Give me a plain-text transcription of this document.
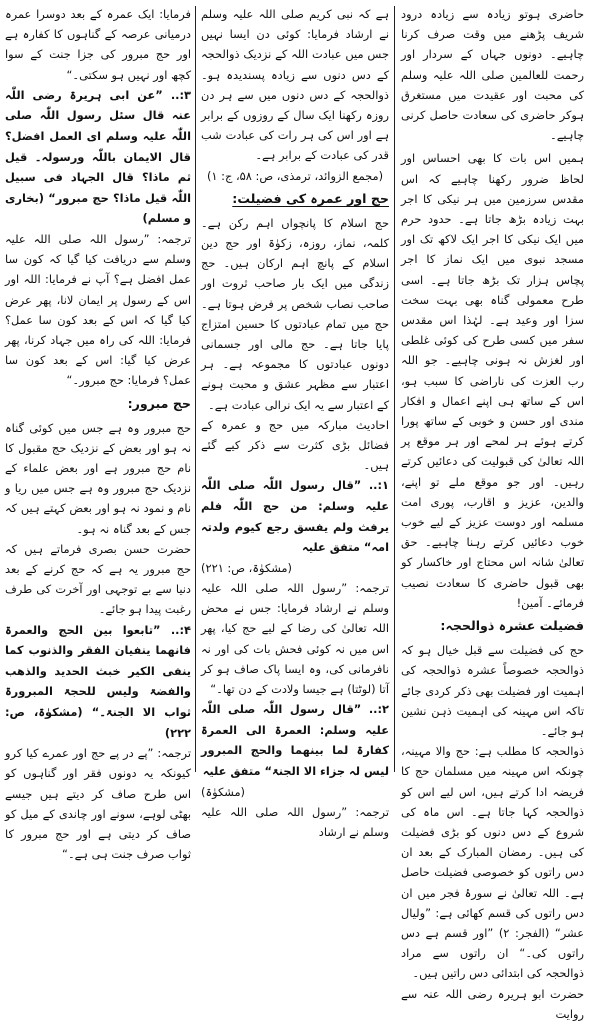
حاضری ہوتو زیادہ سے زیادہ درود شریف پڑھنے میں وقت صرف کرنا چاہیے۔ دونوں جہاں کے سردار اور رحمت للعالمین صلی اللہ علیہ وسلم کی محبت اور عقیدت میں مستغرق ہوکر حاضری کی سعادت حاصل کرنی چاہیے۔

ہمیں اس بات کا بھی احساس اور لحاظ ضرور رکھنا چاہیے کہ اس مقدس سرزمین میں ہر نیکی کا اجر بہت زیادہ بڑھ جاتا ہے۔ حدود حرم میں ایک نیکی کا اجر ایک لاکھ تک اور مسجد نبوی میں ایک نماز کا اجر پچاس ہزار تک بڑھ جاتا ہے۔ اسی طرح معمولی گناہ بھی بہت سخت سزا اور وعید ہے۔ لہٰذا اس مقدس سفر میں کسی طرح کی کوئی غلطی اور لغزش نہ ہونی چاہیے۔ جو اللہ رب العزت کی ناراضی کا سبب ہو، اس کے ساتھ ہی اپنے اعمال و افکار مندی اور حسن و خوبی کے ساتھ پورا کرتے ہوئے ہر لمحے اور ہر موقع پر اللہ تعالیٰ کی قبولیت کی دعائیں کرتے رہیں۔ اور جو موقع ملے تو اپنے، والدین، عزیز و اقارب، پوری امت مسلمہ اور دوست عزیز کے لیے خوب خوب دعائیں کرتے رہنا چاہیے۔ حق تعالیٰ شانہ اس محتاج اور خاکسار کو بھی قبول حاضری کا سعادت نصیب فرمائے۔ آمین!

فضیلت عشرہ ذوالحجہ:

حج کی فضیلت سے قبل خیال ہو کہ ذوالحجہ خصوصاً عشرہ ذوالحجہ کی اہمیت اور فضیلت بھی ذکر کردی جائے تاکہ اس مہینہ کی اہمیت ذہن نشین ہو جائے۔

ذوالحجہ کا مطلب ہے: حج والا مہینہ، چونکہ اس مہینہ میں مسلمان حج کا فریضہ ادا کرتے ہیں، اس لیے اس کو ذوالحجہ کہا جاتا ہے۔ اس ماہ کی شروع کے دس دنوں کو بڑی فضیلت کی ہیں۔ رمضان المبارک کے بعد ان دس راتوں کو خصوصی فضیلت حاصل ہے۔ اللہ تعالیٰ نے سورۂ فجر میں ان دس راتوں کی قسم کھائی ہے: ”ولیال عشر“ (الفجر: ۲) ”اور قسم ہے دس راتوں کی۔“ ان راتوں سے مراد ذوالحجہ کی ابتدائی دس راتیں ہیں۔

حضرت ابو ہریرہ رضی اللہ عنہ سے روایت

ہے کہ نبی کریم صلی اللہ علیہ وسلم نے ارشاد فرمایا: کوئی دن ایسا نہیں جس میں عبادت اللہ کے نزدیک ذوالحجہ کے دس دنوں سے زیادہ پسندیدہ ہو۔ ذوالحجہ کے دس دنوں میں سے ہر دن روزہ رکھنا ایک سال کے روزوں کے برابر ہے اور اس کی ہر رات کی عبادت شب قدر کی عبادت کے برابر ہے۔

(مجمع الزوائد، ترمذی، ص: ۵۸، ج: ۱)

حج اور عمرہ کی فضیلت:

حج اسلام کا پانچواں اہم رکن ہے۔ کلمہ، نماز، روزہ، زکوٰۃ اور حج دین اسلام کے پانچ اہم ارکان ہیں۔ حج زندگی میں ایک بار صاحب ثروت اور صاحب نصاب شخص پر فرض ہوتا ہے۔ حج میں تمام عبادتوں کا حسین امتزاج پایا جاتا ہے۔ حج مالی اور جسمانی دونوں عبادتوں کا مجموعہ ہے۔ ہر اعتبار سے مظہر عشق و محبت ہونے کے اعتبار سے یہ ایک نرالی عبادت ہے۔

احادیث مبارکہ میں حج و عمرہ کے فضائل بڑی کثرت سے ذکر کیے گئے ہیں۔

۱:.. ”قال رسول اللّٰہ صلی اللّٰہ علیہ وسلم: من حج اللّٰہ فلم یرفث ولم یفسق رجع کیوم ولدتہ امہ“ متفق علیہ

(مشکوٰۃ، ص: ۲۲۱)

ترجمہ: ”رسول اللہ صلی اللہ علیہ وسلم نے ارشاد فرمایا: جس نے محض اللہ تعالیٰ کی رضا کے لیے حج کیا، پھر اس میں نہ کوئی فحش بات کی اور نہ نافرمانی کی، وہ ایسا پاک صاف ہو کر آتا (لوٹتا) ہے جیسا ولادت کے دن تھا۔“

۲:.. ”قال رسول اللّٰہ صلی اللّٰہ علیہ وسلم: العمرۃ الی العمرۃ کفارۃ لما بینھما والحج المبرور لیس لہ جزاء الا الجنۃ“ متفق علیہ

(مشکوٰۃ)

ترجمہ: ”رسول اللہ صلی اللہ علیہ وسلم نے ارشاد

فرمایا: ایک عمرہ کے بعد دوسرا عمرہ درمیانی عرصہ کے گناہوں کا کفارہ ہے اور حج مبرور کی جزا جنت کے سوا کچھ اور نہیں ہو سکتی۔“

۳:.. ”عن ابی ہریرۃ رضی اللّٰہ عنہ قال سئل رسول اللّٰہ صلی اللّٰہ علیہ وسلم ای العمل افضل؟ قال الایمان باللّٰہ ورسولہ۔ قیل ثم ماذا؟ قال الجہاد فی سبیل اللّٰہ قیل ماذا؟ حج مبرور“ (بخاری و مسلم)

ترجمہ: ”رسول اللہ صلی اللہ علیہ وسلم سے دریافت کیا گیا کہ کون سا عمل افضل ہے؟ آپ نے فرمایا: اللہ اور اس کے رسول پر ایمان لانا، پھر عرض کیا گیا کہ اس کے بعد کون سا عمل؟ فرمایا: اللہ کی راہ میں جہاد کرنا، پھر عرض کیا گیا: اس کے بعد کون سا عمل؟ فرمایا: حج مبرور۔“

حج مبرور:

حج مبرور وہ ہے جس میں کوئی گناہ نہ ہو اور بعض کے نزدیک حج مقبول کا نام حج مبرور ہے اور بعض علماء کے نزدیک حج مبرور وہ ہے جس میں ریا و نام و نمود نہ ہو اور بعض کہتے ہیں کہ جس کے بعد گناہ نہ ہو۔

حضرت حسن بصری فرماتے ہیں کہ حج مبرور یہ ہے کہ حج کرنے کے بعد دنیا سے بے توجہی اور آخرت کی طرف رغبت پیدا ہو جائے۔

۴:.. ”تابعوا بین الحج والعمرۃ فانھما ینفیان الفقر والذنوب کما ینفی الکیر خبث الحدید والذھب والفضۃ ولیس للحجۃ المبرورۃ ثواب الا الجنۃ۔“ (مشکوٰۃ، ص: ۲۲۲)

ترجمہ: ”پے در پے حج اور عمرے کیا کرو کیونکہ یہ دونوں فقر اور گناہوں کو اس طرح صاف کر دیتے ہیں جیسے بھٹی لوہے، سونے اور چاندی کے میل کو صاف کر دیتی ہے اور حج مبرور کا ثواب صرف جنت ہی ہے۔“
